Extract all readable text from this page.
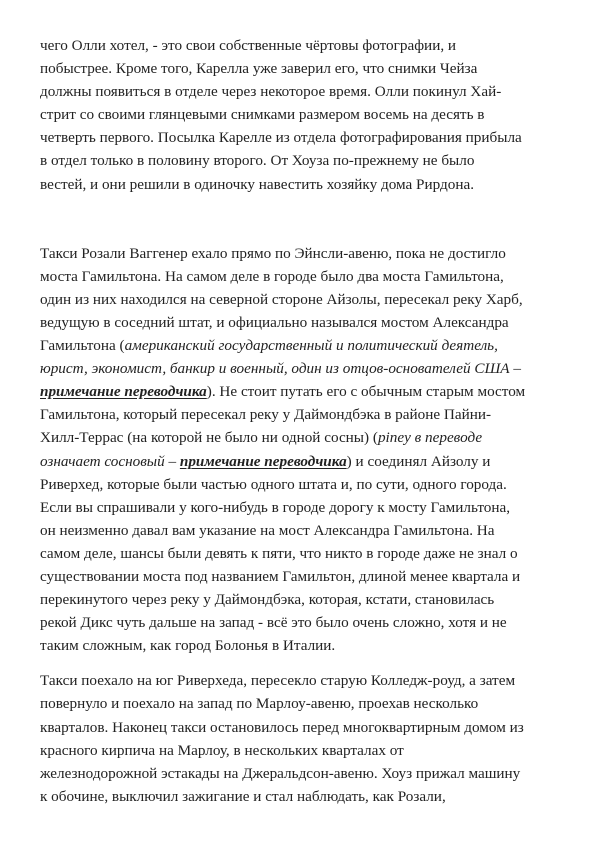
чего Олли хотел, - это свои собственные чёртовы фотографии, и
побыстрее. Кроме того, Карелла уже заверил его, что снимки Чейза
должны появиться в отделе через некоторое время. Олли покинул Хай-
стрит со своими глянцевыми снимками размером восемь на десять в
четверть первого. Посылка Карелле из отдела фотографирования прибыла
в отдел только в половину второго. От Хоуза по-прежнему не было
вестей, и они решили в одиночку навестить хозяйку дома Рирдона.

Такси Розали Ваггенер ехало прямо по Эйнсли-авеню, пока не достигло
моста Гамильтона. На самом деле в городе было два моста Гамильтона,
один из них находился на северной стороне Айзолы, пересекал реку Харб,
ведущую в соседний штат, и официально назывался мостом Александра
Гамильтона (американский государственный и политический деятель,
юрист, экономист, банкир и военный, один из отцов-основателей США –
примечание переводчика). Не стоит путать его с обычным старым мостом
Гамильтона, который пересекал реку у Даймондбэка в районе Пайни-
Хилл-Террас (на которой не было ни одной сосны) (piney в переводе
означает сосновый – примечание переводчика) и соединял Айзолу и
Риверхед, которые были частью одного штата и, по сути, одного города.
Если вы спрашивали у кого-нибудь в городе дорогу к мосту Гамильтона,
он неизменно давал вам указание на мост Александра Гамильтона. На
самом деле, шансы были девять к пяти, что никто в городе даже не знал о
существовании моста под названием Гамильтон, длиной менее квартала и
перекинутого через реку у Даймондбэка, которая, кстати, становилась
рекой Дикс чуть дальше на запад - всё это было очень сложно, хотя и не
таким сложным, как город Болонья в Италии.

Такси поехало на юг Риверхеда, пересекло старую Колледж-роуд, а затем
повернуло и поехало на запад по Марлоу-авеню, проехав несколько
кварталов. Наконец такси остановилось перед многоквартирным домом из
красного кирпича на Марлоу, в нескольких кварталах от
железнодорожной эстакады на Джеральдсон-авеню. Хоуз прижал машину
к обочине, выключил зажигание и стал наблюдать, как Розали,
